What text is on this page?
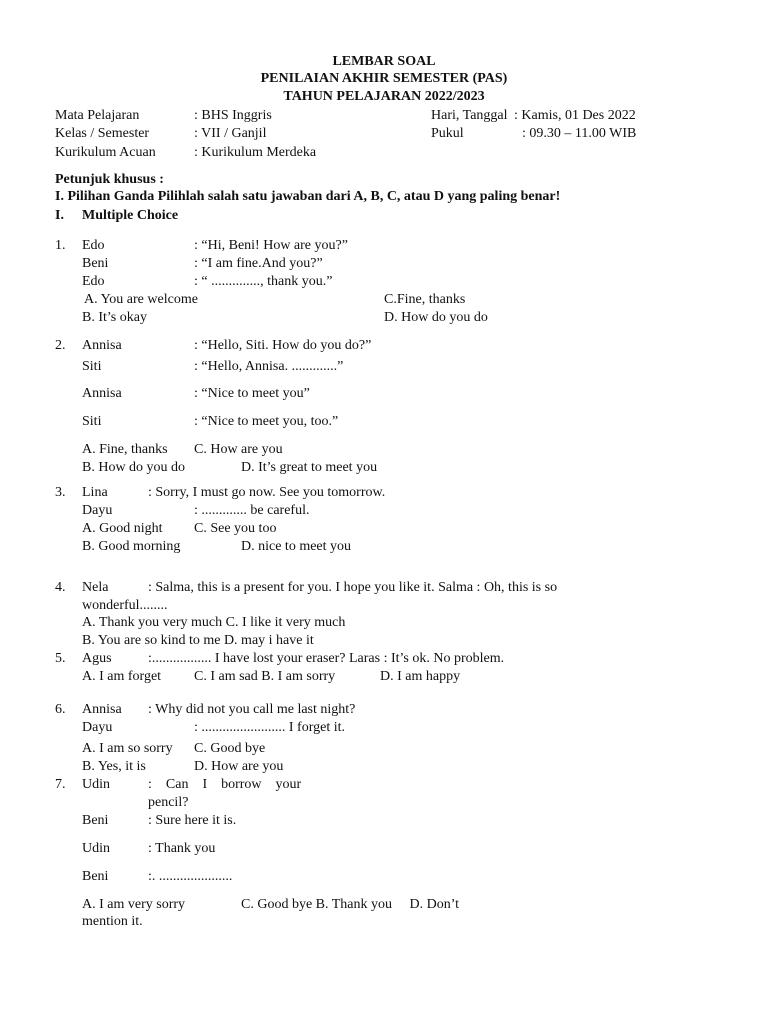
LEMBAR SOAL
PENILAIAN AKHIR SEMESTER (PAS)
TAHUN PELAJARAN 2022/2023
Mata Pelajaran	: BHS Inggris
Kelas / Semester	: VII / Ganjil
Kurikulum Acuan	: Kurikulum Merdeka
Hari, Tanggal : Kamis, 01 Des 2022
Pukul	: 09.30 – 11.00 WIB
Petunjuk khusus :
I. Pilihan Ganda Pilihlah salah satu jawaban dari A, B, C, atau D yang paling benar!
I. Multiple Choice
1. Edo	: “Hi, Beni! How are you?”
Beni	: “I am fine.And you?”
Edo	: “ .............., thank you.”
A. You are welcome	C.Fine, thanks
B. It’s okay	D. How do you do
2. Annisa	: “Hello, Siti. How do you do?”
Siti	: “Hello, Annisa. .............”
Annisa	: “Nice to meet you”
Siti	: “Nice to meet you, too.”
A. Fine, thanks C. How are you
B. How do you do	D. It’s great to meet you
3. Lina	: Sorry, I must go now. See you tomorrow.
Dayu	: ............. be careful.
A. Good night C. See you too
B. Good morning	D. nice to meet you
4. Nela	: Salma, this is a present for you. I hope you like it. Salma : Oh, this is so
wonderful........
A. Thank you very much C. I like it very much
B. You are so kind to me D. may i have it
5. Agus	:................. I have lost your eraser? Laras : It’s ok. No problem.
A. I am forget C. I am sad B. I am sorry	D. I am happy
6. Annisa : Why did not you call me last night?
Dayu	: ........................ I forget it.
A. I am so sorry C. Good bye
B. Yes, it is	D. How are you
7. Udin	:    Can    I    borrow    your
pencil?
Beni	: Sure here it is.
Udin	: Thank you
Beni	:. .....................
A. I am very sorry	C. Good bye B. Thank you     D. Don’t
mention it.
